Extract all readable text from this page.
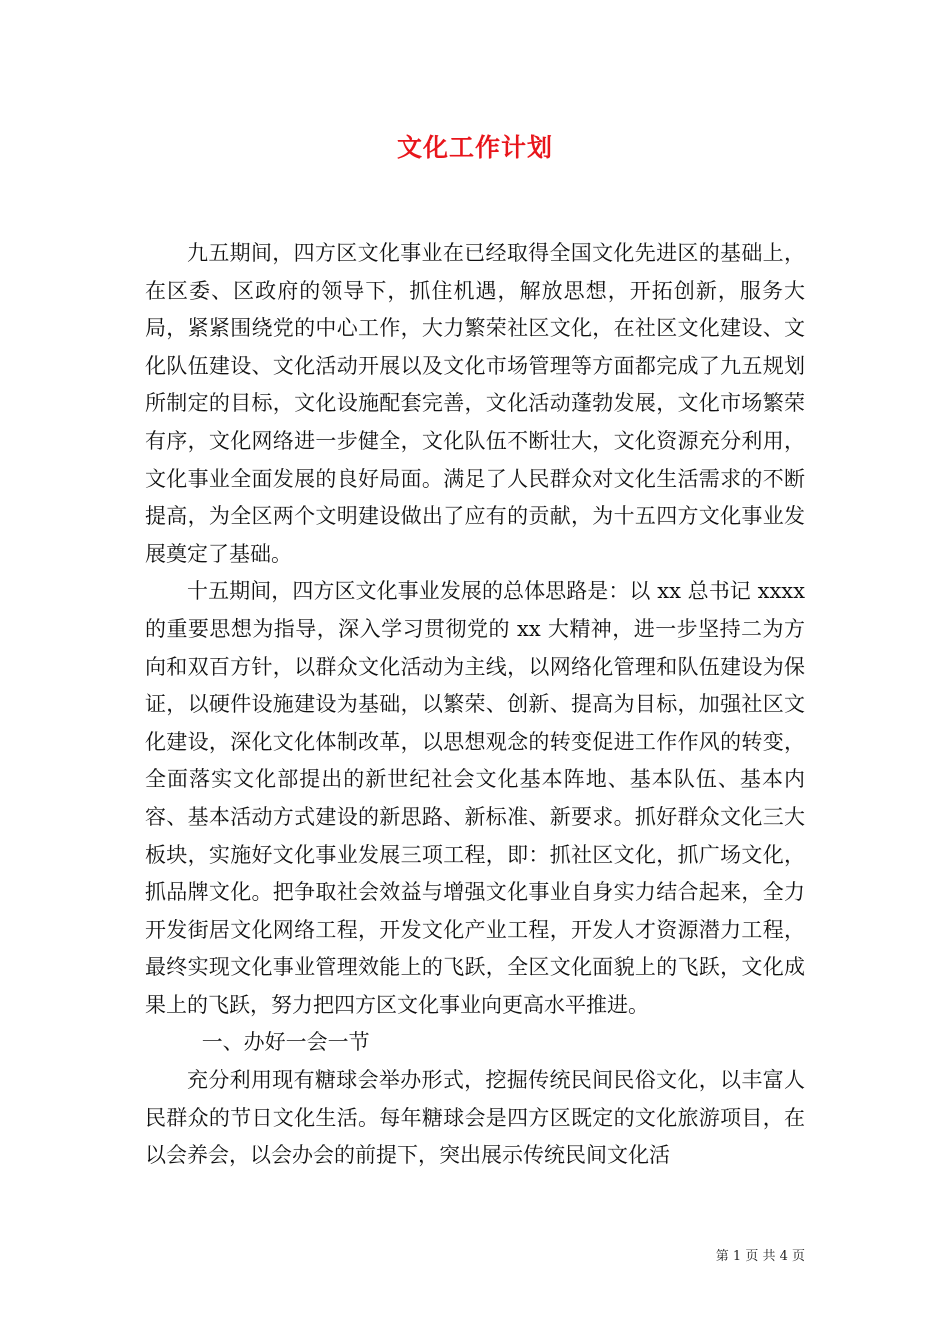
文化工作计划

九五期间，四方区文化事业在已经取得全国文化先进区的基础上，在区委、区政府的领导下，抓住机遇，解放思想，开拓创新，服务大局，紧紧围绕党的中心工作，大力繁荣社区文化，在社区文化建设、文化队伍建设、文化活动开展以及文化市场管理等方面都完成了九五规划所制定的目标，文化设施配套完善，文化活动蓬勃发展，文化市场繁荣有序，文化网络进一步健全，文化队伍不断壮大，文化资源充分利用，文化事业全面发展的良好局面。满足了人民群众对文化生活需求的不断提高，为全区两个文明建设做出了应有的贡献，为十五四方文化事业发展奠定了基础。

十五期间，四方区文化事业发展的总体思路是：以 xx 总书记 xxxx 的重要思想为指导，深入学习贯彻党的 xx 大精神，进一步坚持二为方向和双百方针，以群众文化活动为主线，以网络化管理和队伍建设为保证，以硬件设施建设为基础，以繁荣、创新、提高为目标，加强社区文化建设，深化文化体制改革，以思想观念的转变促进工作作风的转变，全面落实文化部提出的新世纪社会文化基本阵地、基本队伍、基本内容、基本活动方式建设的新思路、新标准、新要求。抓好群众文化三大板块，实施好文化事业发展三项工程，即：抓社区文化，抓广场文化，抓品牌文化。把争取社会效益与增强文化事业自身实力结合起来，全力开发街居文化网络工程，开发文化产业工程，开发人才资源潜力工程，最终实现文化事业管理效能上的飞跃，全区文化面貌上的飞跃，文化成果上的飞跃，努力把四方区文化事业向更高水平推进。

一、办好一会一节

充分利用现有糖球会举办形式，挖掘传统民间民俗文化，以丰富人民群众的节日文化生活。每年糖球会是四方区既定的文化旅游项目，在以会养会，以会办会的前提下，突出展示传统民间文化活

第 1 页 共 4 页
